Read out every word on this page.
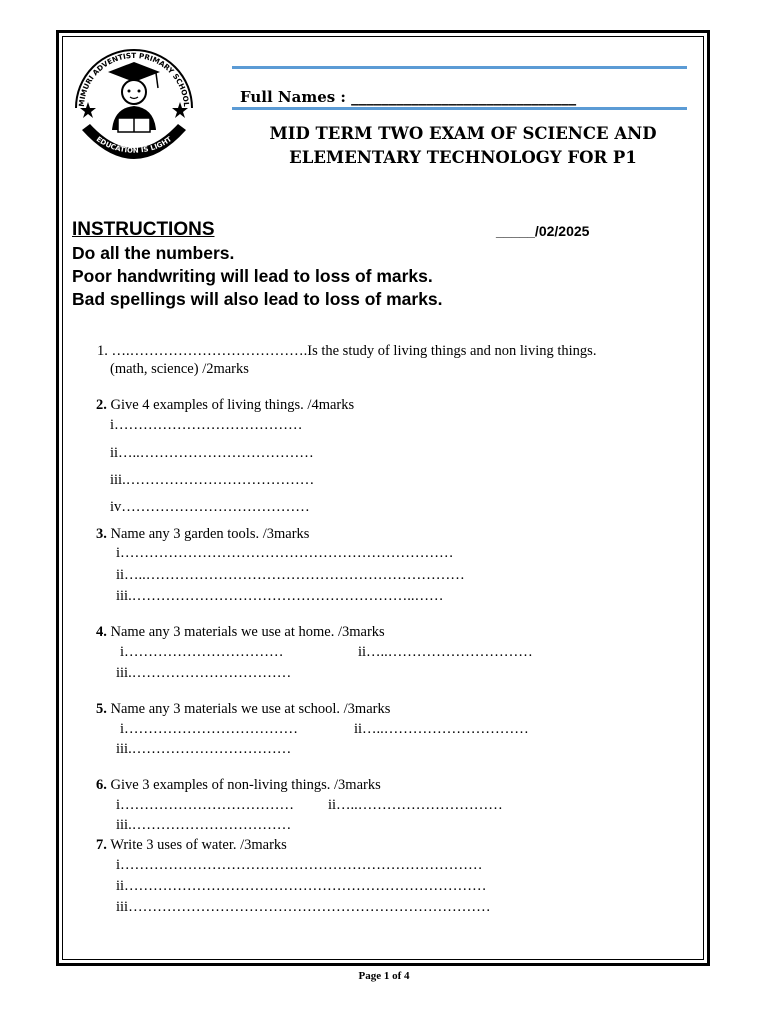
MIMURI ADVENTIST PRIMARY SCHOOL
EDUCATION IS LIGHT
Full Names : ______________________________
MID TERM TWO EXAM OF SCIENCE AND
ELEMENTARY TECHNOLOGY FOR P1
INSTRUCTIONS	_____/02/2025
Do all the numbers.
Poor handwriting will lead to loss of marks.
Bad spellings will also lead to loss of marks.
1. ….……………………………….Is the study of living things and non living things.
(math, science) /2marks
2. Give 4 examples of living things. /4marks
i…………………………………
ii…..………………………………
iii.…………………………………
iv…………………………………
3. Name any 3 garden tools. /3marks
i……………………………………………………………
ii…..…………………………………………………………
iii.…………………………………………………..……
4. Name any 3 materials we use at home. /3marks
i……………………………	ii…..…………………………
iii.……………………………
5. Name any 3 materials we use at school. /3marks
i………………………………	ii…..…………………………
iii.……………………………
6. Give 3 examples of non-living things. /3marks
i……………………………… ii…..…………………………
iii.……………………………
7. Write 3 uses of water. /3marks
i…………………………………………………………………
ii…………………………………………………………………
iii…………………………………………………………………
Page 1 of 4
